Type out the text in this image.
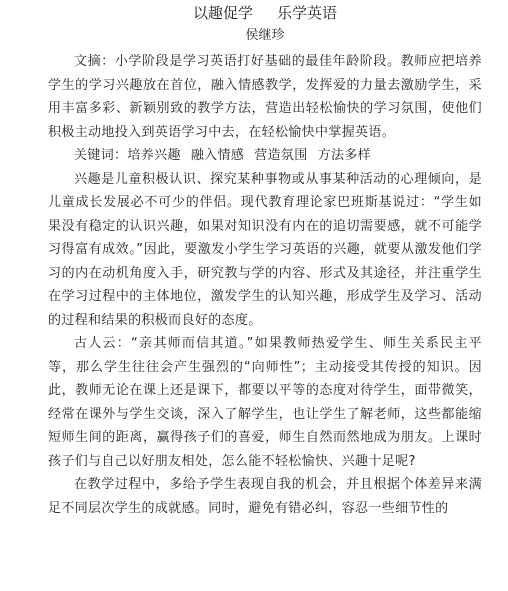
以趣促学 乐学英语
侯继珍

文摘：小学阶段是学习英语打好基础的最佳年龄阶段。教师应把培养学生的学习兴趣放在首位，融入情感教学，发挥爱的力量去激励学生，采用丰富多彩、新颖别致的教学方法，营造出轻松愉快的学习氛围，使他们积极主动地投入到英语学习中去，在轻松愉快中掌握英语。

关键词：培养兴趣 融入情感 营造氛围 方法多样

兴趣是儿童积极认识、探究某种事物或从事某种活动的心理倾向，是儿童成长发展必不可少的伴侣。现代教育理论家巴班斯基说过：“学生如果没有稳定的认识兴趣，如果对知识没有内在的追切需要感，就不可能学习得富有成效。”因此，要激发小学生学习英语的兴趣，就要从激发他们学习的内在动机角度入手，研究教与学的内容、形式及其途径，并注重学生在学习过程中的主体地位，激发学生的认知兴趣，形成学生及学习、活动的过程和结果的积极而良好的态度。

古人云：“亲其师而信其道。”如果教师热爱学生、师生关系民主平等，那么学生往往会产生强烈的“向师性”；主动接受其传授的知识。因此，教师无论在课上还是课下，都要以平等的态度对待学生，面带微笑，经常在课外与学生交谈，深入了解学生，也让学生了解老师，这些都能缩短师生间的距离，赢得孩子们的喜爱，师生自然而然地成为朋友。上课时孩子们与自己以好朋友相处，怎么能不轻松愉快、兴趣十足呢?

在教学过程中，多给予学生表现自我的机会，并且根据个体差异来满足不同层次学生的成就感。同时，避免有错必纠，容忍一些细节性的
